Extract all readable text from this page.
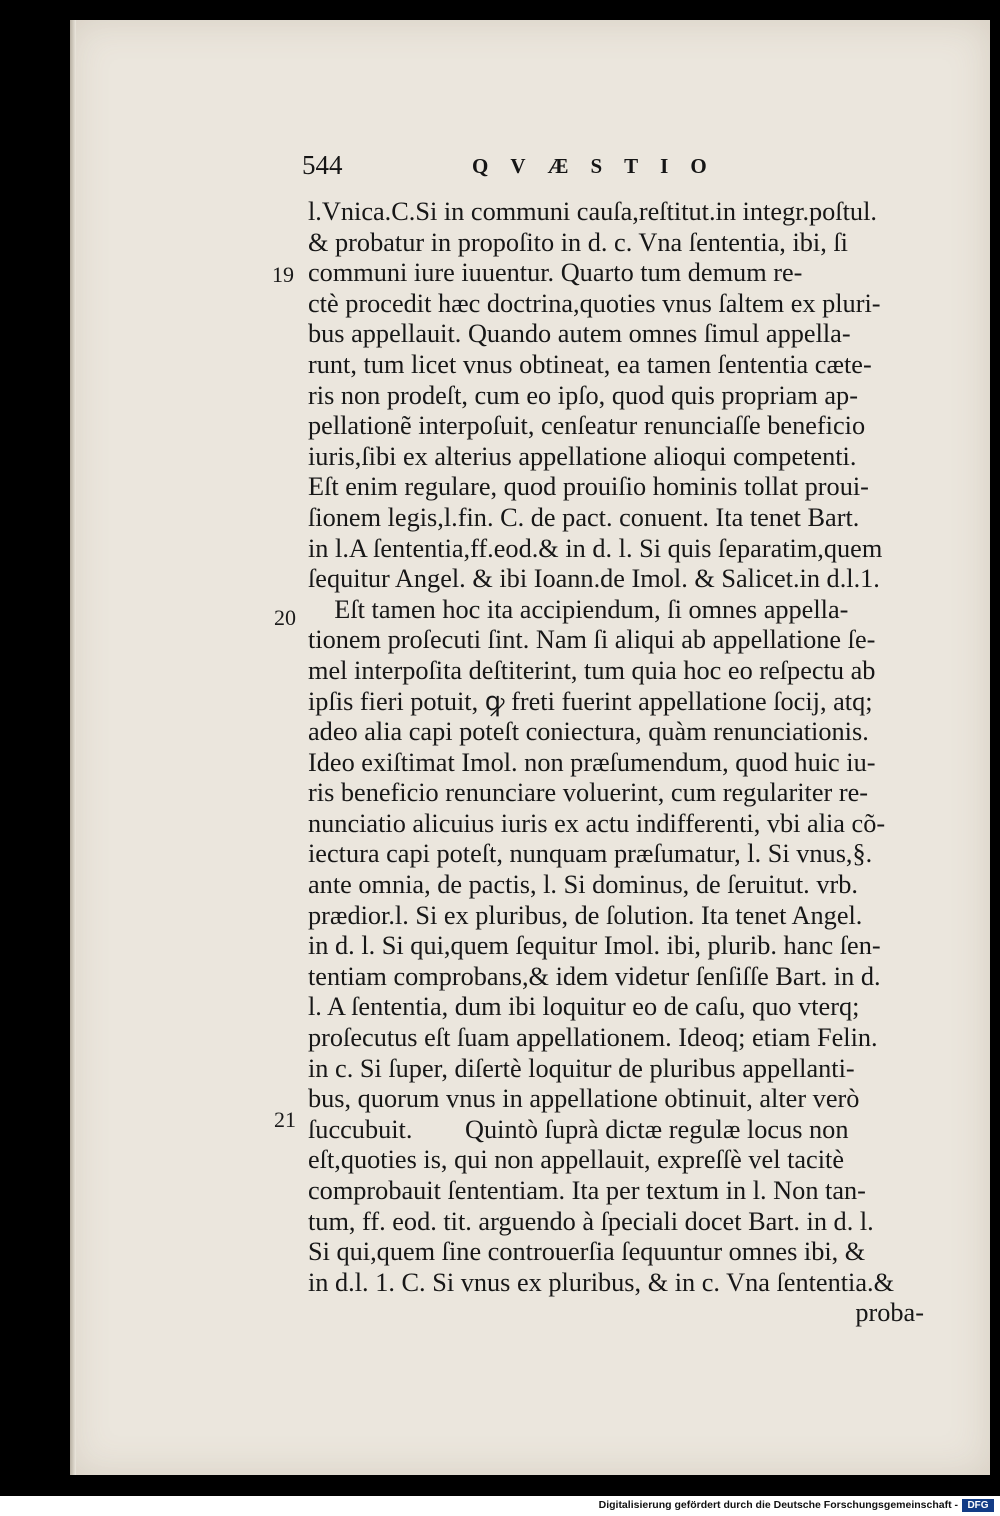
544	QVÆSTIO
19
20
21
l.Vnica.C.Si in communi cauſa,reſtitut.in integr.poſtul.
& probatur in propoſito in d. c. Vna ſententia, ibi, ſi
communi iure iuuentur. Quarto tum demum re-
ctè procedit hæc doctrina,quoties vnus ſaltem ex pluri-
bus appellauit. Quando autem omnes ſimul appella-
runt, tum licet vnus obtineat, ea tamen ſententia cæte-
ris non prodeſt, cum eo ipſo, quod quis propriam ap-
pellationẽ interpoſuit, cenſeatur renunciaſſe beneficio
iuris,ſibi ex alterius appellatione alioqui competenti.
Eſt enim regulare, quod prouiſio hominis tollat proui-
ſionem legis,l.fin. C. de pact. conuent. Ita tenet Bart.
in l.A ſententia,ff.eod.& in d. l. Si quis ſeparatim,quem
ſequitur Angel. & ibi Ioann.de Imol. & Salicet.in d.l.1.
Eſt tamen hoc ita accipiendum, ſi omnes appella-
tionem proſecuti ſint. Nam ſi aliqui ab appellatione ſe-
mel interpoſita deſtiterint, tum quia hoc eo reſpectu ab
ipſis fieri potuit, ꝙ freti fuerint appellatione ſocij, atq;
adeo alia capi poteſt coniectura, quàm renunciationis.
Ideo exiſtimat Imol. non præſumendum, quod huic iu-
ris beneficio renunciare voluerint, cum regulariter re-
nunciatio alicuius iuris ex actu indifferenti, vbi alia cõ-
iectura capi poteſt, nunquam præſumatur, l. Si vnus,§.
ante omnia, de pactis, l. Si dominus, de ſeruitut. vrb.
prædior.l. Si ex pluribus, de ſolution. Ita tenet Angel.
in d. l. Si qui,quem ſequitur Imol. ibi, plurib. hanc ſen-
tentiam comprobans,& idem videtur ſenſiſſe Bart. in d.
l. A ſententia, dum ibi loquitur eo de caſu, quo vterq;
proſecutus eſt ſuam appellationem. Ideoq; etiam Felin.
in c. Si ſuper, diſertè loquitur de pluribus appellanti-
bus, quorum vnus in appellatione obtinuit, alter verò
ſuccubuit.        Quintò ſuprà dictæ regulæ locus non
eſt,quoties is, qui non appellauit, expreſſè vel tacitè
comprobauit ſententiam. Ita per textum in l. Non tan-
tum, ff. eod. tit. arguendo à ſpeciali docet Bart. in d. l.
Si qui,quem ſine controuerſia ſequuntur omnes ibi, &
in d.l. 1. C. Si vnus ex pluribus, & in c. Vna ſententia.&
proba-
Digitalisierung gefördert durch die Deutsche Forschungsgemeinschaft - DFG
